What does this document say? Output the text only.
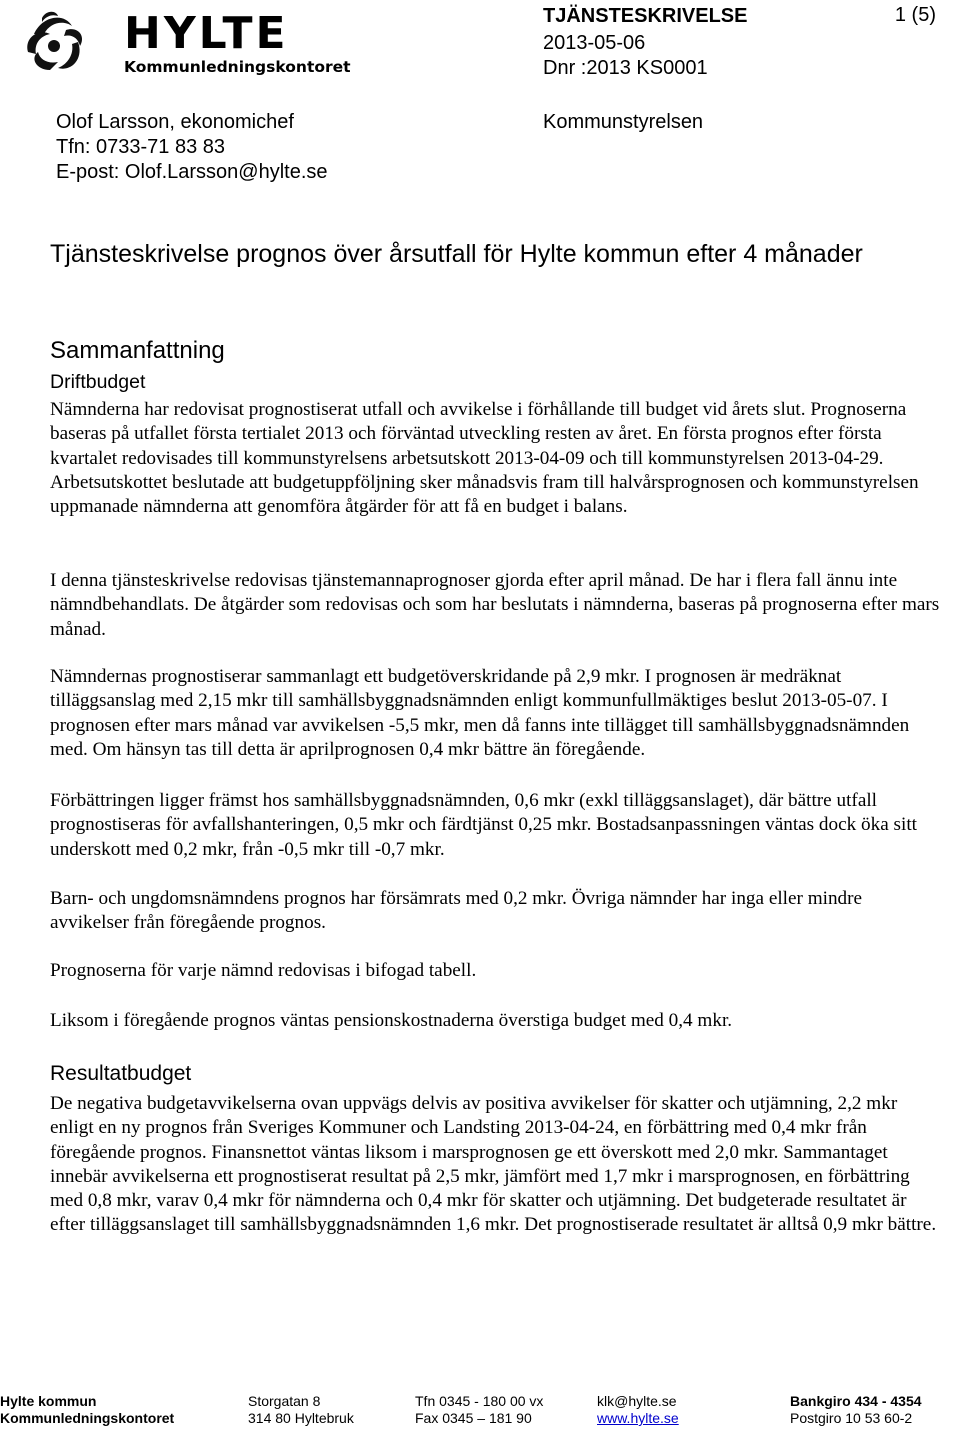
HYLTE
Kommunledningskontoret
TJÄNSTESKRIVELSE
2013-05-06
Dnr :2013 KS0001
1 (5)
Kommunstyrelsen
Olof Larsson, ekonomichef
Tfn: 0733-71 83 83
E-post: Olof.Larsson@hylte.se
Tjänsteskrivelse prognos över årsutfall för Hylte kommun efter 4 månader
Sammanfattning
Driftbudget

Nämnderna har redovisat prognostiserat utfall och avvikelse i förhållande till budget vid årets slut. Prognoserna baseras på utfallet första tertialet 2013 och förväntad utveckling resten av året. En första prognos efter första kvartalet redovisades till kommunstyrelsens arbetsutskott 2013-04-09 och till kommunstyrelsen 2013-04-29. Arbetsutskottet beslutade att budgetuppföljning sker månadsvis fram till halvårsprognosen och kommunstyrelsen uppmanade nämnderna att genomföra åtgärder för att få en budget i balans.

I denna tjänsteskrivelse redovisas tjänstemannaprognoser gjorda efter april månad. De har i flera fall ännu inte nämndbehandlats. De åtgärder som redovisas och som har beslutats i nämnderna, baseras på prognoserna efter mars månad.

Nämndernas prognostiserar sammanlagt ett budgetöverskridande på 2,9 mkr. I prognosen är medräknat tilläggsanslag med 2,15 mkr till samhällsbyggnadsnämnden enligt kommunfullmäktiges beslut 2013-05-07. I prognosen efter mars månad var avvikelsen -5,5 mkr, men då fanns inte tillägget till samhällsbyggnadsnämnden med. Om hänsyn tas till detta är aprilprognosen 0,4 mkr bättre än föregående.

Förbättringen ligger främst hos samhällsbyggnadsnämnden, 0,6 mkr (exkl tilläggsanslaget), där bättre utfall prognostiseras för avfallshanteringen, 0,5 mkr och färdtjänst 0,25 mkr. Bostadsanpassningen väntas dock öka sitt underskott med 0,2 mkr, från -0,5 mkr till -0,7 mkr.

Barn- och ungdomsnämndens prognos har försämrats med 0,2 mkr. Övriga nämnder har inga eller mindre avvikelser från föregående prognos.

Prognoserna för varje nämnd redovisas i bifogad tabell.

Liksom i föregående prognos väntas pensionskostnaderna överstiga budget med 0,4 mkr.

Resultatbudget

De negativa budgetavvikelserna ovan uppvägs delvis av positiva avvikelser för skatter och utjämning, 2,2 mkr enligt en ny prognos från Sveriges Kommuner och Landsting 2013-04-24, en förbättring med 0,4 mkr från föregående prognos. Finansnettot väntas liksom i marsprognosen ge ett överskott med 2,0 mkr. Sammantaget innebär avvikelserna ett prognostiserat resultat på 2,5 mkr, jämfört med 1,7 mkr i marsprognosen, en förbättring med 0,8 mkr, varav 0,4 mkr för nämnderna och 0,4 mkr för skatter och utjämning. Det budgeterade resultatet är efter tilläggsanslaget till samhällsbyggnadsnämnden 1,6 mkr. Det prognostiserade resultatet är alltså 0,9 mkr bättre.

Hylte kommun
Kommunledningskontoret
Storgatan 8
314 80 Hyltebruk
Tfn 0345 - 180 00 vx
Fax 0345 – 181 90
klk@hylte.se
www.hylte.se
Bankgiro 434 - 4354
Postgiro 10 53 60-2
